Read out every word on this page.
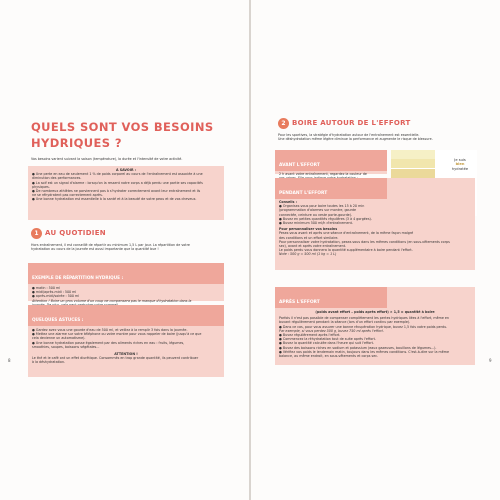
QUELS SONT VOS BESOINS
HYDRIQUES ?

Vos besoins varient suivant la saison (température), la durée et l'intensité de votre activité.

À SAVOIR :

● Une perte en eau de seulement 1 % de poids corporel au cours de l'entraînement est associée à une

diminution des performances.

● La soif est un signal d'alarme : lorsqu'on la ressent notre corps a déjà perdu une partie ses capacités

physiques.

● De nombreux athlètes ne parviennent pas à s'hydrater correctement avant leur entraînement et ils

ne se réhydratent pas correctement après.

● Une bonne hydratation est essentielle à la santé et à la beauté de votre peau et de vos cheveux.

1 AU QUOTIDIEN

Hors entraînement, il est conseillé de répartir au minimum 1,5 L par jour. La répartition de votre

hydratation au cours de la journée est aussi importante que la quantité bue !

EXEMPLE DE RÉPARTITION HYDRIQUE :

● matin : 500 ml

● midi/après-midi : 500 ml

● après-midi/soirée : 500 ml

Attention ! Boire un gros volume d'un coup ne compensera pas le manque d'hydratation dans la

QUELQUES ASTUCES :

● Gardez avec vous une gourde d'eau de 500 ml, et veillez à la remplir 3 fois dans la journée.

● Mettez une alarme sur votre téléphone ou votre montre pour vous rappeler de boire (jusqu'à ce que

cela devienne un automatisme).

● Une bonne hydratation passe également par des aliments riches en eau : fruits, légumes,

smoothies, soupes, boissons végétales...

ATTENTION !

Le thé et le café ont un effet diurétique. Consommés en trop grande quantité, ils peuvent contribuer

à la déshydratation.

8
2 BOIRE AUTOUR DE L'EFFORT

Pour les sportives, la stratégie d'hydratation autour de l'entraînement est essentielle.

Une déshydratation même légère diminue la performance et augmente le risque de blessure.

AVANT L'EFFORT

2 h avant votre entraînement, regardez la couleur de

Je suis
bien hydratée

PENDANT L'EFFORT

Conseils :

● Organisez-vous pour boire toutes les 15 à 20 min

(programmation d'alarmes sur montre, gourde

connectée, ceinture ou veste porte-gourde).

● Buvez en petites quantités régulières (3 à 4 gorgées).

● Buvez minimum 500 ml/h d'entraînement.

Pour personnaliser vos besoins

Pesez-vous avant et après une séance d'entraînement, de la même façon malgré

des conditions et un effort similaire.

Pour personnaliser votre hydratation, pesez-vous dans les mêmes conditions (en sous-vêtements corps

sec), avant et après votre entraînement.

Le poids perdu vous donnera la quantité supplémentaire à boire pendant l'effort.

Note : 500 g = 500 ml (1 kg = 1 L)

APRÈS L'EFFORT

(poids avant effort – poids après effort) × 1,5 = quantité à boire

Parfois il n'est pas possible de compenser complètement les pertes hydriques liées à l'effort, même en

buvant régulièrement pendant la séance (lors d'un effort continu par exemple).

● Dans ce cas, pour vous assurer une bonne récupération hydrique, buvez 1,5 fois votre poids perdu.

Par exemple, si vous perdez 500 g, buvez 750 ml après l'effort.

● Buvez régulièrement après l'effort.

● Commencez la réhydratation tout de suite après l'effort.

● Buvez la quantité calculée dans l'heure qui suit l'effort.

● Buvez des boissons riches en sodium et potassium (eaux gazeuses, bouillons de légumes...).

● Vérifiez vos poids le lendemain matin, toujours dans les mêmes conditions. C'est-à-dire sur la même

balance, au même endroit, en sous-vêtements et corps sec.

9
